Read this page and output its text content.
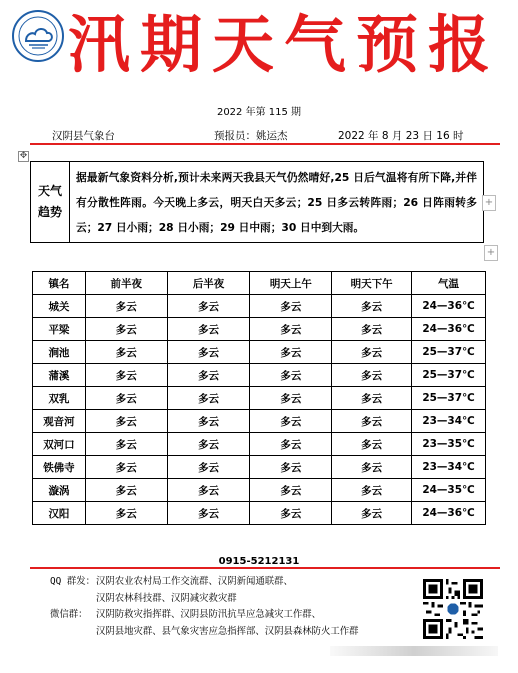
汛期天气预报
2022 年第 115 期
汉阴县气象台	预报员：姚运杰	2022 年 8 月 23 日 16 时
✥
天气
趋势
据最新气象资料分析,预计未来两天我县天气仍然晴好,25 日后气温将有所下降,并伴有分散性阵雨。今天晚上多云，明天白天多云；25 日多云转阵雨；26 日阵雨转多云；27 日小雨；28 日小雨；29 日中雨；30 日中到大雨。
+
+
镇名	前半夜	后半夜	明天上午	明天下午	气温
城关	多云	多云	多云	多云	24—36℃
平梁	多云	多云	多云	多云	24—36℃
涧池	多云	多云	多云	多云	25—37℃
蒲溪	多云	多云	多云	多云	25—37℃
双乳	多云	多云	多云	多云	25—37℃
观音河	多云	多云	多云	多云	23—34℃
双河口	多云	多云	多云	多云	23—35℃
铁佛寺	多云	多云	多云	多云	23—34℃
漩涡	多云	多云	多云	多云	24—35℃
汉阳	多云	多云	多云	多云	24—36℃
0915-5212131
QQ 群发：汉阴农业农村局工作交流群、汉阴新闻通联群、
汉阴农林科技群、汉阴减灾救灾群
微信群： 汉阴防救灾指挥群、汉阴县防汛抗旱应急减灾工作群、
汉阴县地灾群、县气象灾害应急指挥部、汉阴县森林防火工作群
